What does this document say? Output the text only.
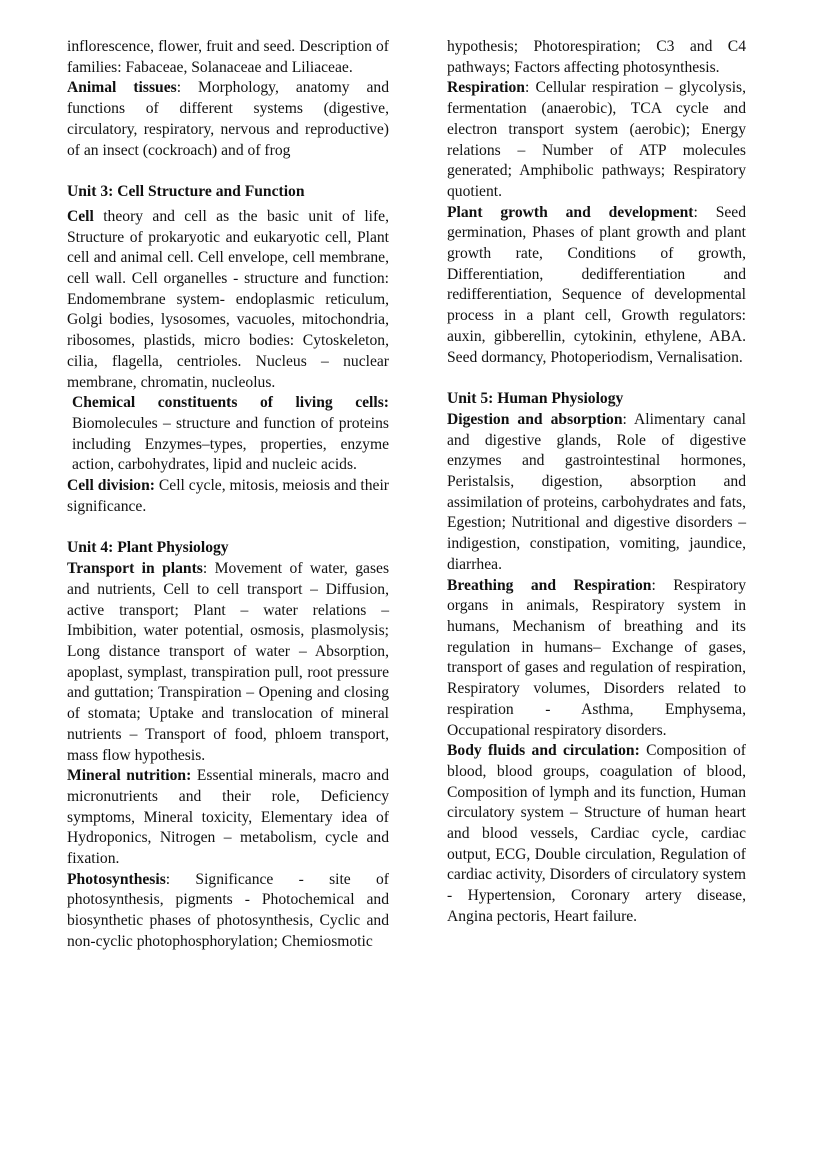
inflorescence, flower, fruit and seed. Description of families: Fabaceae, Solanaceae and Liliaceae.

Animal tissues: Morphology, anatomy and functions of different systems (digestive, circulatory, respiratory, nervous and reproductive) of an insect (cockroach) and of frog

Unit 3: Cell Structure and Function

Cell theory and cell as the basic unit of life, Structure of prokaryotic and eukaryotic cell, Plant cell and animal cell. Cell envelope, cell membrane, cell wall. Cell organelles - structure and function: Endomembrane system- endoplasmic reticulum, Golgi bodies, lysosomes, vacuoles, mitochondria, ribosomes, plastids, micro bodies: Cytoskeleton, cilia, flagella, centrioles. Nucleus – nuclear membrane, chromatin, nucleolus.

Chemical constituents of living cells: Biomolecules – structure and function of proteins including Enzymes–types, properties, enzyme action, carbohydrates, lipid and nucleic acids.

Cell division: Cell cycle, mitosis, meiosis and their significance.

Unit 4: Plant Physiology

Transport in plants: Movement of water, gases and nutrients, Cell to cell transport – Diffusion, active transport; Plant – water relations – Imbibition, water potential, osmosis, plasmolysis; Long distance transport of water – Absorption, apoplast, symplast, transpiration pull, root pressure and guttation; Transpiration – Opening and closing of stomata; Uptake and translocation of mineral nutrients – Transport of food, phloem transport, mass flow hypothesis.

Mineral nutrition: Essential minerals, macro and micronutrients and their role, Deficiency symptoms, Mineral toxicity, Elementary idea of Hydroponics, Nitrogen – metabolism, cycle and fixation.

Photosynthesis: Significance - site of photosynthesis, pigments - Photochemical and biosynthetic phases of photosynthesis, Cyclic and non-cyclic photophosphorylation; Chemiosmotic

hypothesis; Photorespiration; C3 and C4 pathways; Factors affecting photosynthesis.

Respiration: Cellular respiration – glycolysis, fermentation (anaerobic), TCA cycle and electron transport system (aerobic); Energy relations – Number of ATP molecules generated; Amphibolic pathways; Respiratory quotient.

Plant growth and development: Seed germination, Phases of plant growth and plant growth rate, Conditions of growth, Differentiation, dedifferentiation and redifferentiation, Sequence of developmental process in a plant cell, Growth regulators: auxin, gibberellin, cytokinin, ethylene, ABA. Seed dormancy, Photoperiodism, Vernalisation.

Unit 5: Human Physiology

Digestion and absorption: Alimentary canal and digestive glands, Role of digestive enzymes and gastrointestinal hormones, Peristalsis, digestion, absorption and assimilation of proteins, carbohydrates and fats, Egestion; Nutritional and digestive disorders – indigestion, constipation, vomiting, jaundice, diarrhea.

Breathing and Respiration: Respiratory organs in animals, Respiratory system in humans, Mechanism of breathing and its regulation in humans– Exchange of gases, transport of gases and regulation of respiration, Respiratory volumes, Disorders related to respiration - Asthma, Emphysema, Occupational respiratory disorders.

Body fluids and circulation: Composition of blood, blood groups, coagulation of blood, Composition of lymph and its function, Human circulatory system – Structure of human heart and blood vessels, Cardiac cycle, cardiac output, ECG, Double circulation, Regulation of cardiac activity, Disorders of circulatory system - Hypertension, Coronary artery disease, Angina pectoris, Heart failure.
